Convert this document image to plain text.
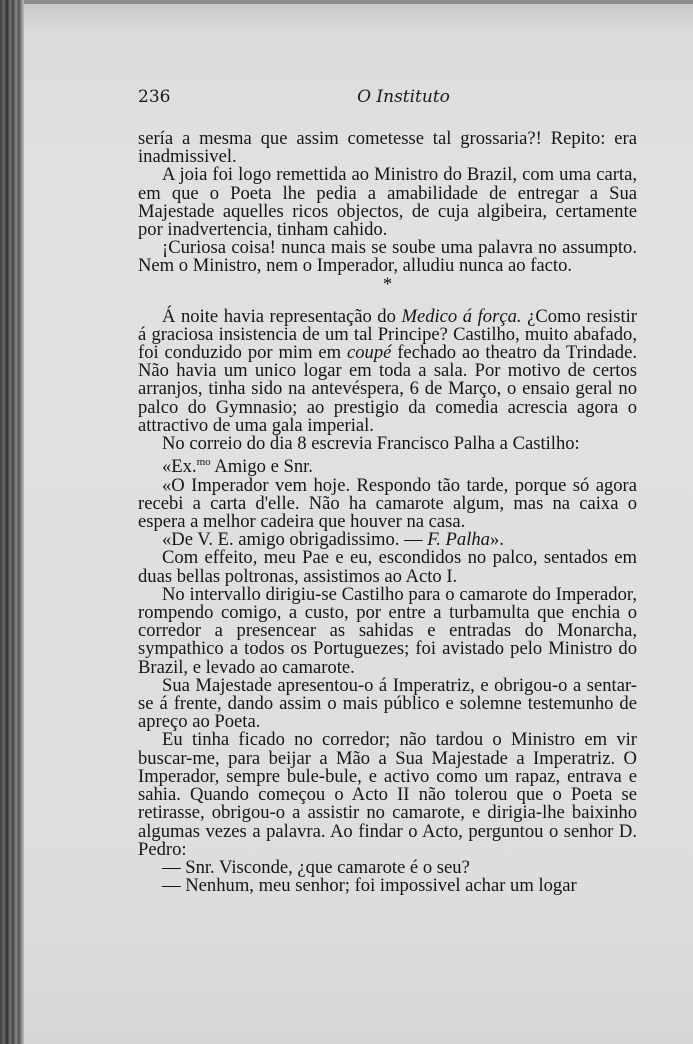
236	O Instituto

sería a mesma que assim cometesse tal grossaria?! Repito: era inadmissivel.

A joia foi logo remettida ao Ministro do Brazil, com uma carta, em que o Poeta lhe pedia a amabilidade de entregar a Sua Majestade aquelles ricos objectos, de cuja algibeira, certamente por inadvertencia, tinham cahido.

¡Curiosa coisa! nunca mais se soube uma palavra no assumpto. Nem o Ministro, nem o Imperador, alludiu nunca ao facto.

*

Á noite havia representação do Medico á força. ¿Como resistir á graciosa insistencia de um tal Principe? Castilho, muito abafado, foi conduzido por mim em coupé fechado ao theatro da Trindade. Não havia um unico logar em toda a sala. Por motivo de certos arranjos, tinha sido na antevéspera, 6 de Março, o ensaio geral no palco do Gymnasio; ao prestigio da comedia acrescia agora o attractivo de uma gala imperial.

No correio do dia 8 escrevia Francisco Palha a Castilho:

«Ex.$^{mo}$ Amigo e Snr.

«O Imperador vem hoje. Respondo tão tarde, porque só agora recebi a carta d'elle. Não ha camarote algum, mas na caixa o espera a melhor cadeira que houver na casa.

«De V. E. amigo obrigadissimo. — F. Palha».

Com effeito, meu Pae e eu, escondidos no palco, sentados em duas bellas poltronas, assistimos ao Acto I.

No intervallo dirigiu-se Castilho para o camarote do Imperador, rompendo comigo, a custo, por entre a turbamulta que enchia o corredor a presencear as sahidas e entradas do Monarcha, sympathico a todos os Portuguezes; foi avistado pelo Ministro do Brazil, e levado ao camarote.

Sua Majestade apresentou-o á Imperatriz, e obrigou-o a sentar-se á frente, dando assim o mais público e solemne testemunho de apreço ao Poeta.

Eu tinha ficado no corredor; não tardou o Ministro em vir buscar-me, para beijar a Mão a Sua Majestade a Imperatriz. O Imperador, sempre bule-bule, e activo como um rapaz, entrava e sahia. Quando começou o Acto II não tolerou que o Poeta se retirasse, obrigou-o a assistir no camarote, e dirigia-lhe baixinho algumas vezes a palavra. Ao findar o Acto, perguntou o senhor D. Pedro:

— Snr. Visconde, ¿que camarote é o seu?

— Nenhum, meu senhor; foi impossivel achar um logar
